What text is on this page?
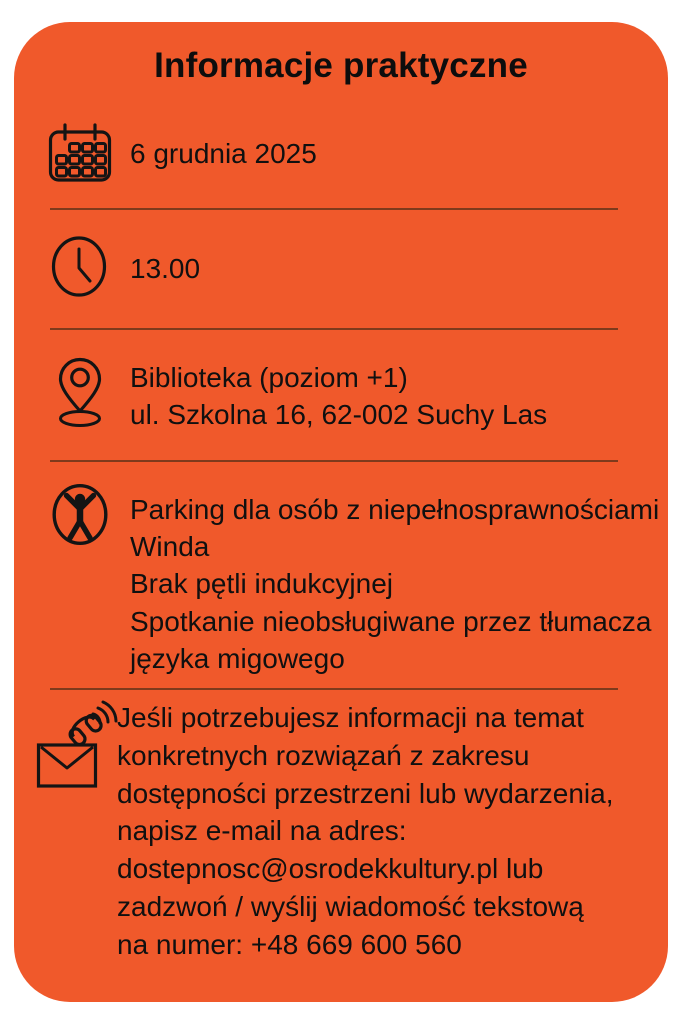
Informacje praktyczne
6 grudnia 2025
13.00
Biblioteka (poziom +1)
ul. Szkolna 16, 62-002 Suchy Las
Parking dla osób z niepełnosprawnościami
Winda
Brak pętli indukcyjnej
Spotkanie nieobsługiwane przez tłumacza
języka migowego
Jeśli potrzebujesz informacji na temat
konkretnych rozwiązań z zakresu
dostępności przestrzeni lub wydarzenia,
napisz e-mail na adres:
dostepnosc@osrodekkultury.pl lub
zadzwoń / wyślij wiadomość tekstową
na numer: +48 669 600 560
